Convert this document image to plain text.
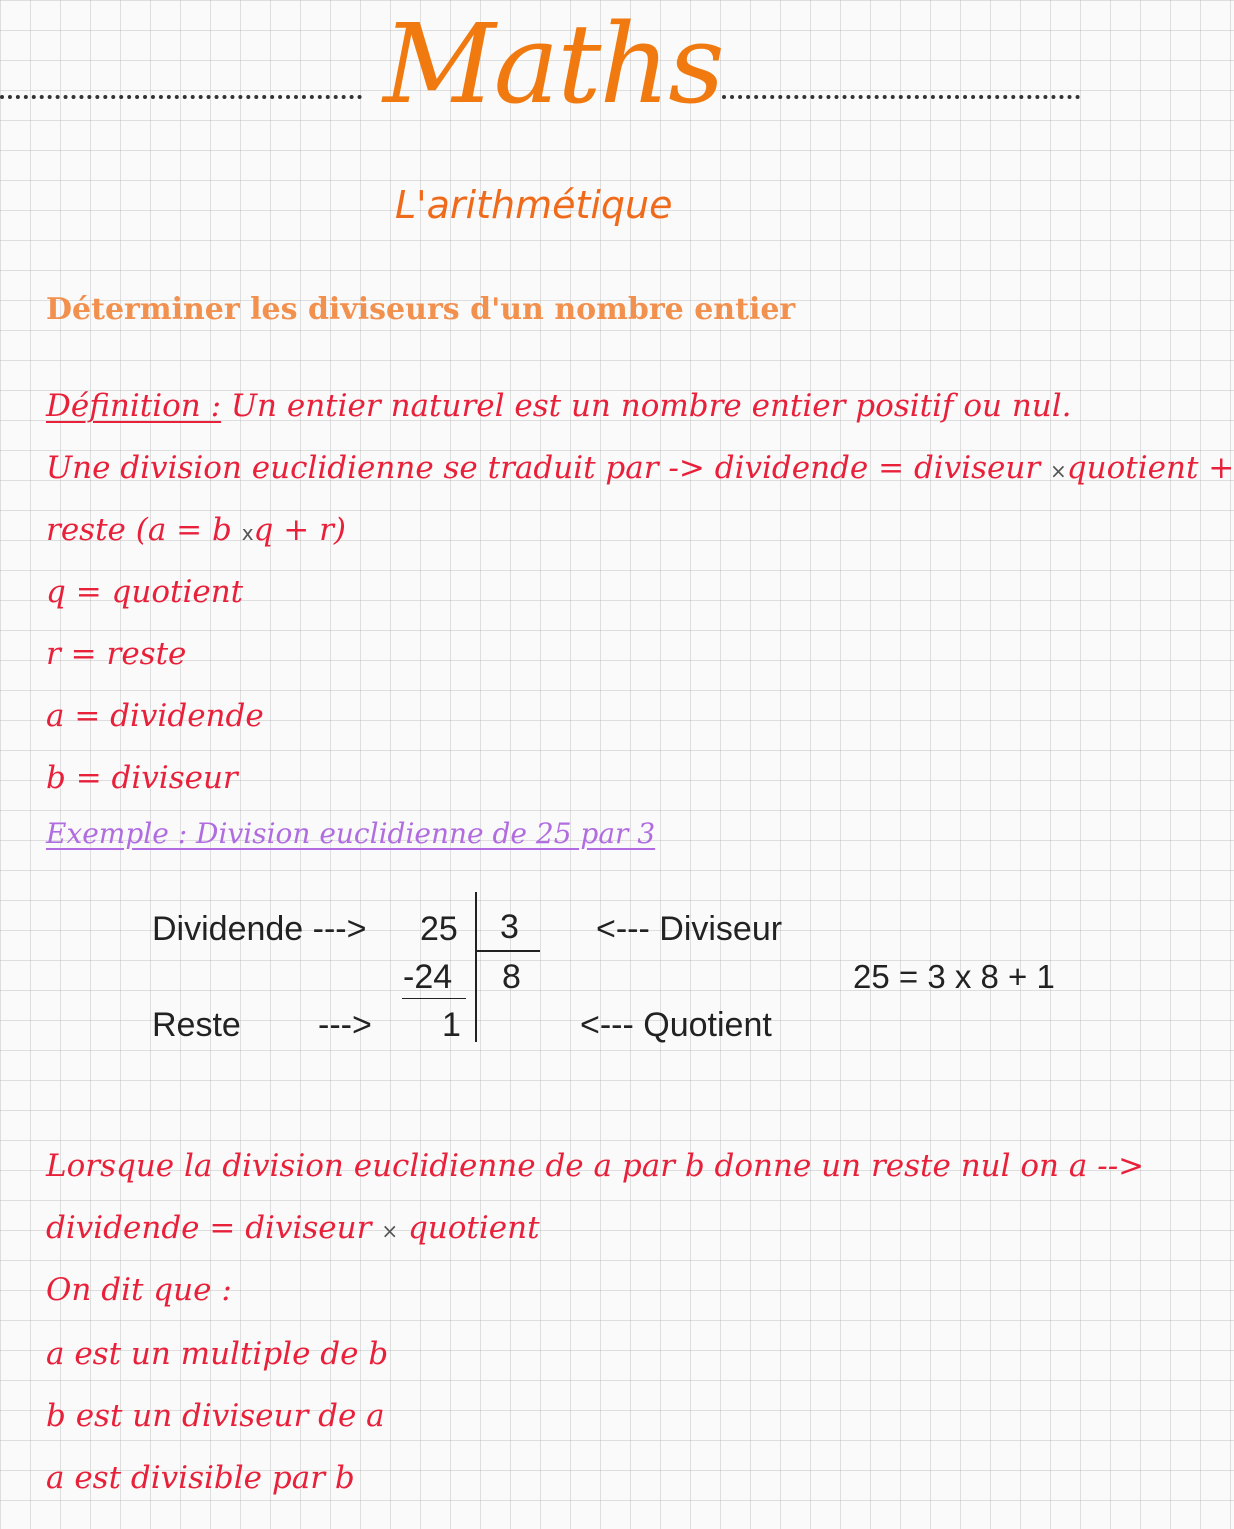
Maths
L'arithmétique
Déterminer les diviseurs d'un nombre entier
Définition : Un entier naturel est un nombre entier positif ou nul.
Une division euclidienne se traduit par -> dividende = diviseur ×quotient +
reste (a = b xq + r)
q = quotient
r = reste
a = dividende
b = diviseur
Exemple : Division euclidienne de 25 par 3
Dividende --->
Reste --->
25
-24
1
3
8
<--- Diviseur
<--- Quotient
25 = 3 x 8 + 1
Lorsque la division euclidienne de a par b donne un reste nul on a -->
dividende = diviseur × quotient
On dit que :
a est un multiple de b
b est un diviseur de a
a est divisible par b
